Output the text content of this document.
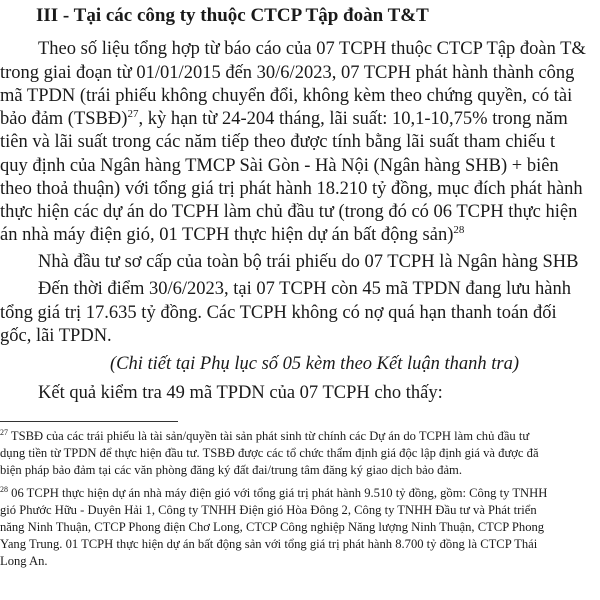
III - Tại các công ty thuộc CTCP Tập đoàn T&T
Theo số liệu tổng hợp từ báo cáo của 07 TCPH thuộc CTCP Tập đoàn T&
trong giai đoạn từ 01/01/2015 đến 30/6/2023, 07 TCPH phát hành thành công
mã TPDN (trái phiếu không chuyển đổi, không kèm theo chứng quyền, có tài
bảo đảm (TSBĐ)$^{27}$, kỳ hạn từ 24-204 tháng, lãi suất: 10,1-10,75% trong năm
tiên và lãi suất trong các năm tiếp theo được tính bằng lãi suất tham chiếu t
quy định của Ngân hàng TMCP Sài Gòn - Hà Nội (Ngân hàng SHB) + biên
theo thoả thuận) với tổng giá trị phát hành 18.210 tỷ đồng, mục đích phát hành
thực hiện các dự án do TCPH làm chủ đầu tư (trong đó có 06 TCPH thực hiện
án nhà máy điện gió, 01 TCPH thực hiện dự án bất động sản)$^{28}$
Nhà đầu tư sơ cấp của toàn bộ trái phiếu do 07 TCPH là Ngân hàng SHB
Đến thời điểm 30/6/2023, tại 07 TCPH còn 45 mã TPDN đang lưu hành
tổng giá trị 17.635 tỷ đồng. Các TCPH không có nợ quá hạn thanh toán đối
gốc, lãi TPDN.
(Chi tiết tại Phụ lục số 05 kèm theo Kết luận thanh tra)
Kết quả kiểm tra 49 mã TPDN của 07 TCPH cho thấy:
$^{27}$ TSBĐ của các trái phiếu là tài sản/quyền tài sản phát sinh từ chính các Dự án do TCPH làm chủ đầu tư
dụng tiền từ TPDN để thực hiện đầu tư. TSBĐ được các tổ chức thẩm định giá độc lập định giá và được đă
biện pháp bảo đảm tại các văn phòng đăng ký đất đai/trung tâm đăng ký giao dịch bảo đảm.
$^{28}$ 06 TCPH thực hiện dự án nhà máy điện gió với tổng giá trị phát hành 9.510 tỷ đồng, gồm: Công ty TNHH
gió Phước Hữu - Duyên Hải 1, Công ty TNHH Điện gió Hòa Đông 2, Công ty TNHH Đầu tư và Phát triển
năng Ninh Thuận, CTCP Phong điện Chơ Long, CTCP Công nghiệp Năng lượng Ninh Thuận, CTCP Phong
Yang Trung. 01 TCPH thực hiện dự án bất động sản với tổng giá trị phát hành 8.700 tỷ đồng là CTCP Thái
Long An.
